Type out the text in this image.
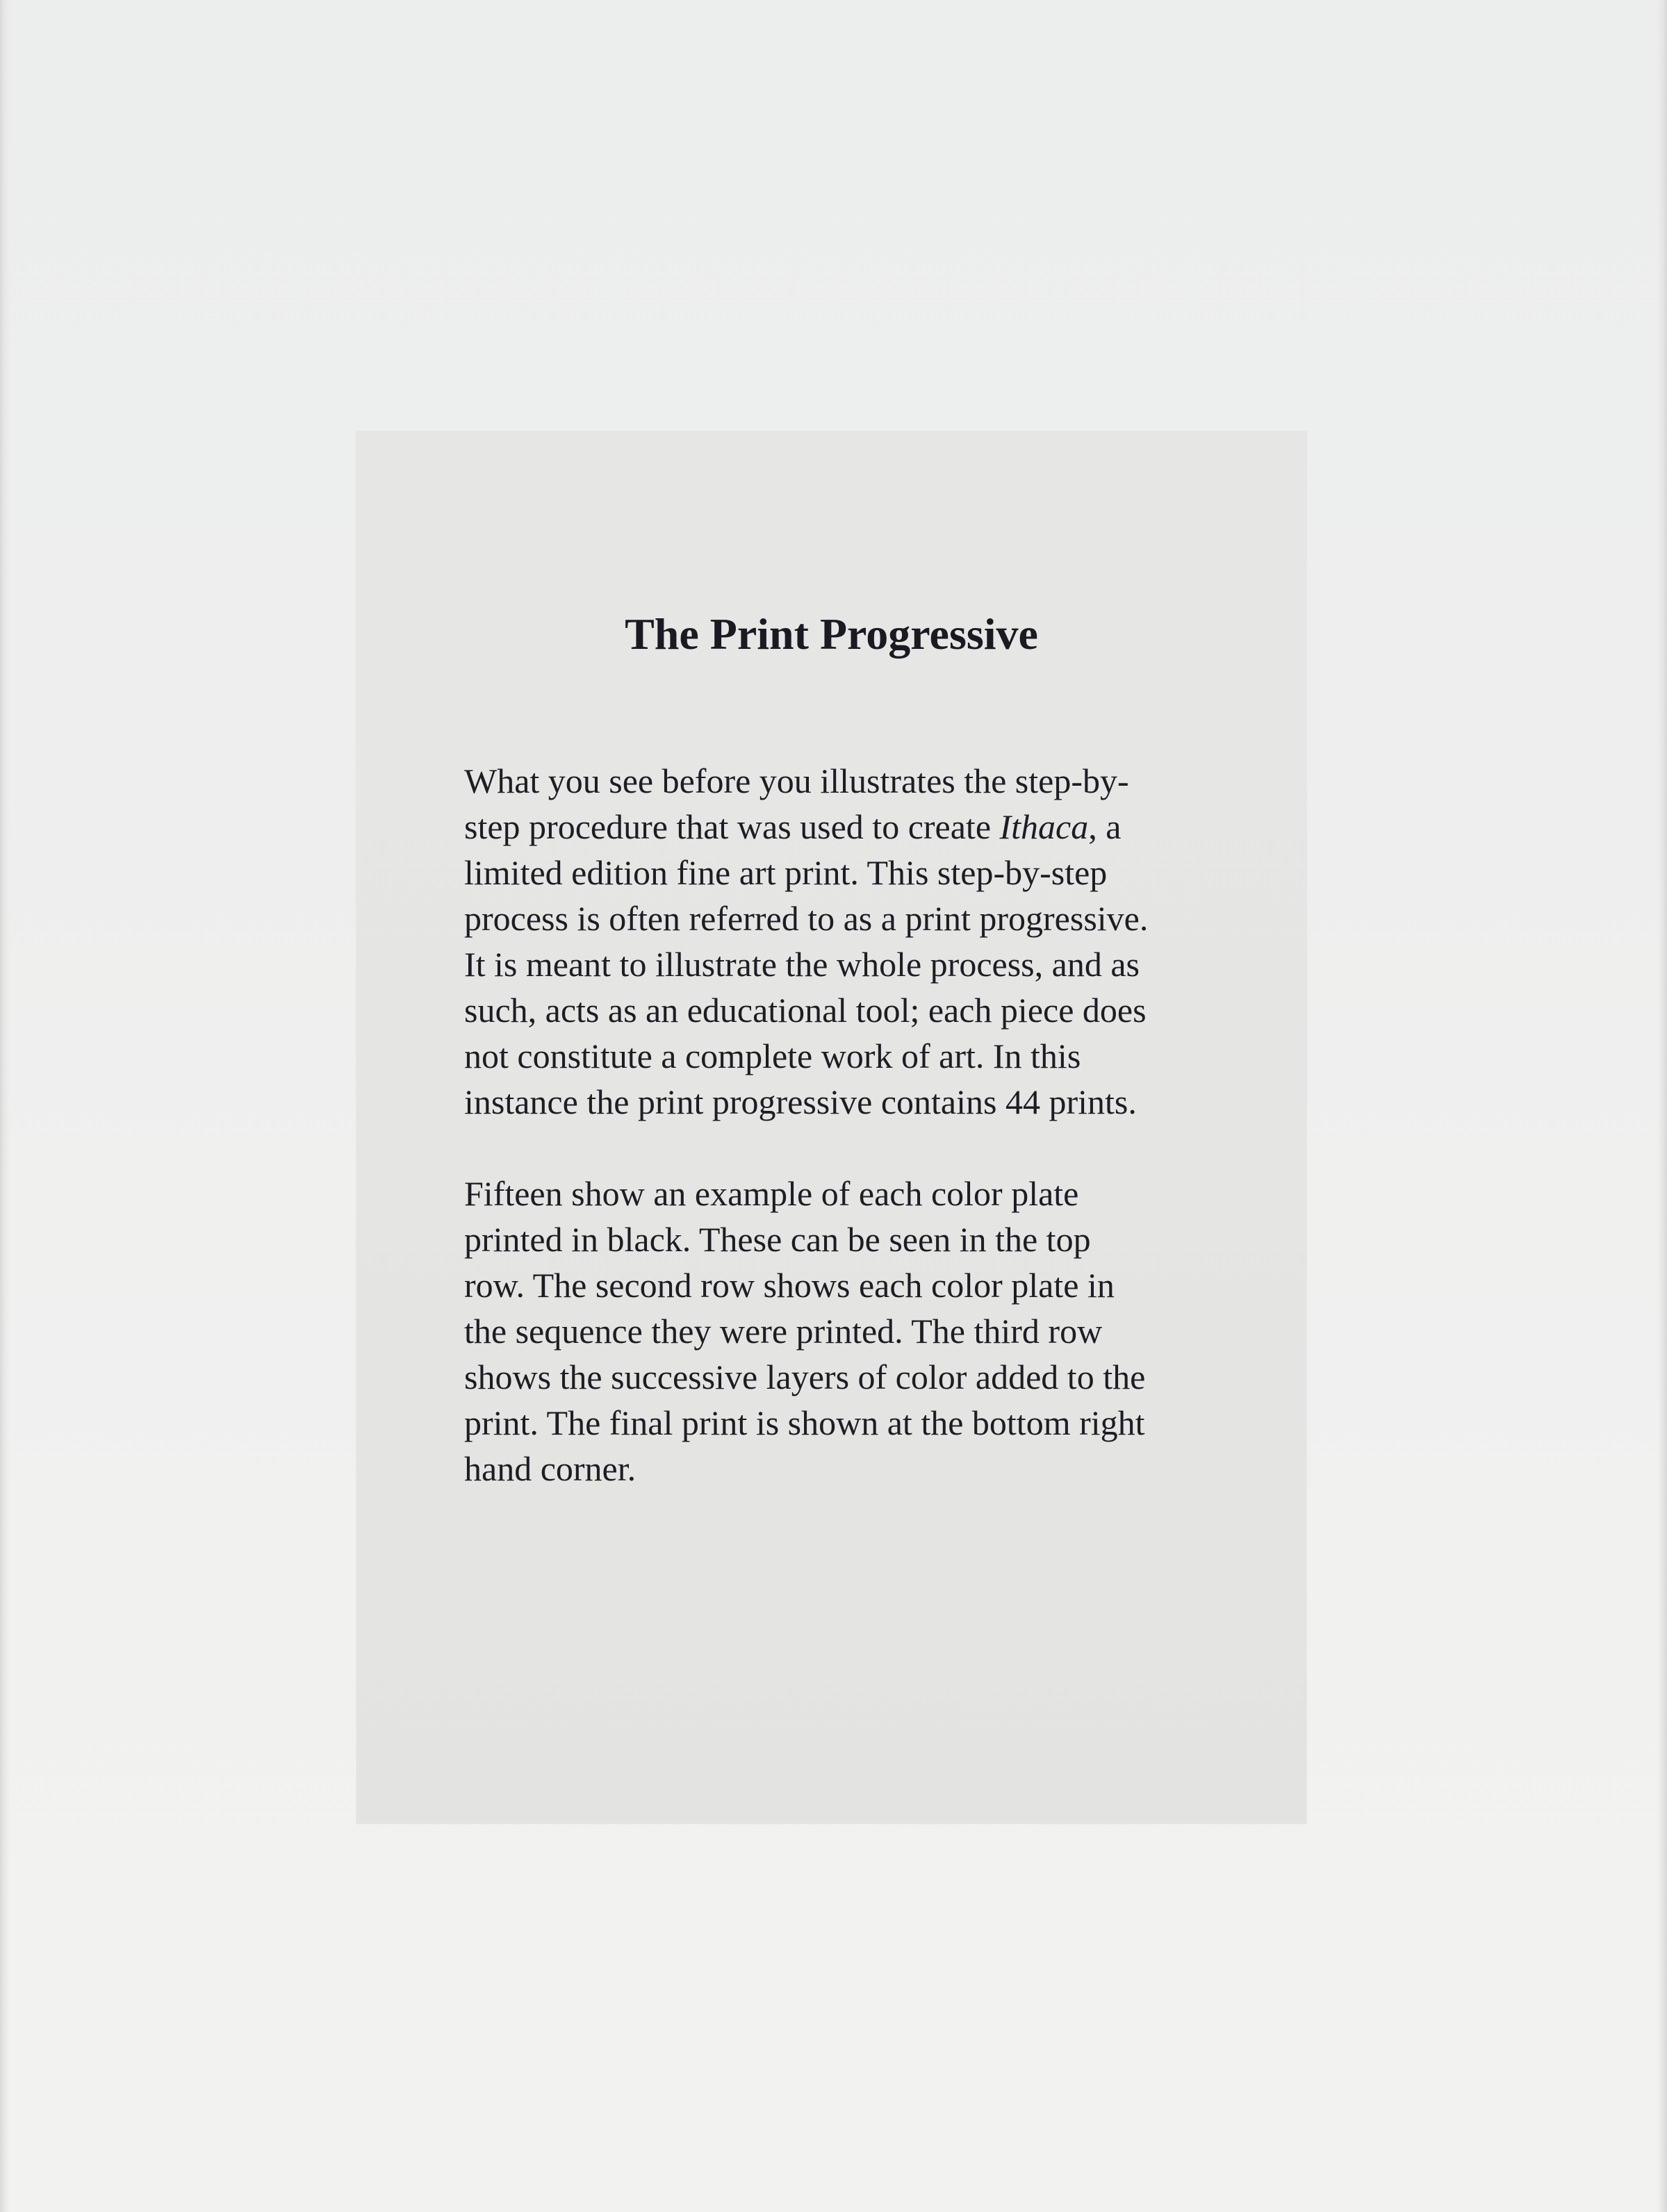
The Print Progressive

What you see before you illustrates the step-by-
step procedure that was used to create Ithaca, a
limited edition fine art print. This step-by-step
process is often referred to as a print progressive.
It is meant to illustrate the whole process, and as
such, acts as an educational tool; each piece does
not constitute a complete work of art. In this
instance the print progressive contains 44 prints.

Fifteen show an example of each color plate
printed in black. These can be seen in the top
row. The second row shows each color plate in
the sequence they were printed. The third row
shows the successive layers of color added to the
print. The final print is shown at the bottom right
hand corner.
